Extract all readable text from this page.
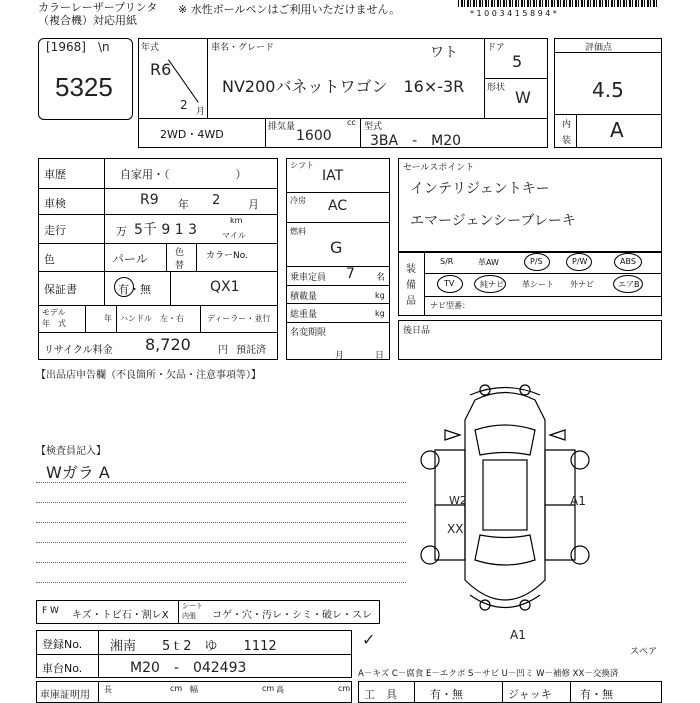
カラーレーザープリンタ
（複合機）対応用紙
※ 水性ボールペンはご利用いただけません。	* 1 0 0 3 4 1 5 8 9 4 *
[1968] \n
5325
年式
R6
2 月
車名・グレード	ワト
NV200バネットワゴン　16×-3R
ドア
5
形状 W
2WD・4WD
排気量	cc
1600
型式
3BA　-　M20
評価点
4.5
内
装 A
車歴	自家用・（　　　　　　）
車検	R9 年 2	月
走行	万 5千 9 1 3
km
マイル
色	パール	色
替
カラーNo.
保証書	有・無	QX1
モデル
年　式
年 ハンドル　左・右	ディーラー・並行
リサイクル料金 8,720	円 預託済
シフト
IAT
冷房 AC
燃料
G
乗車定員 7 名
積載量	kg
総重量	kg
名変期限
月	日
セールスポイント
インテリジェントキー
エマージェンシーブレーキ
装
備
品
S/R	革AW	P/S	P/W	ABS
TV	純ナビ 革シート 外ナビ	エアB
ナビ型番：
後日品
【出品店申告欄（不良箇所・欠品・注意事項等）】
【検査員記入】
Wガラ A
W2	A1
XX
A1
スペア
✓
F W キズ・トビ石・割レX
シート
内張 コゲ・穴・汚レ・シミ・破レ・スレ
登録No. 湘南　　5ｔ2　ゆ　　1112
車台No.	M20　-　042493
車庫証明用
長	cm 幅	cm 高	cm
A－キズ C－腐食 E－エクボ S－サビ U－凹ミ W－補修 XX－交換済
工　具	有・無	ジャッキ	有・無
